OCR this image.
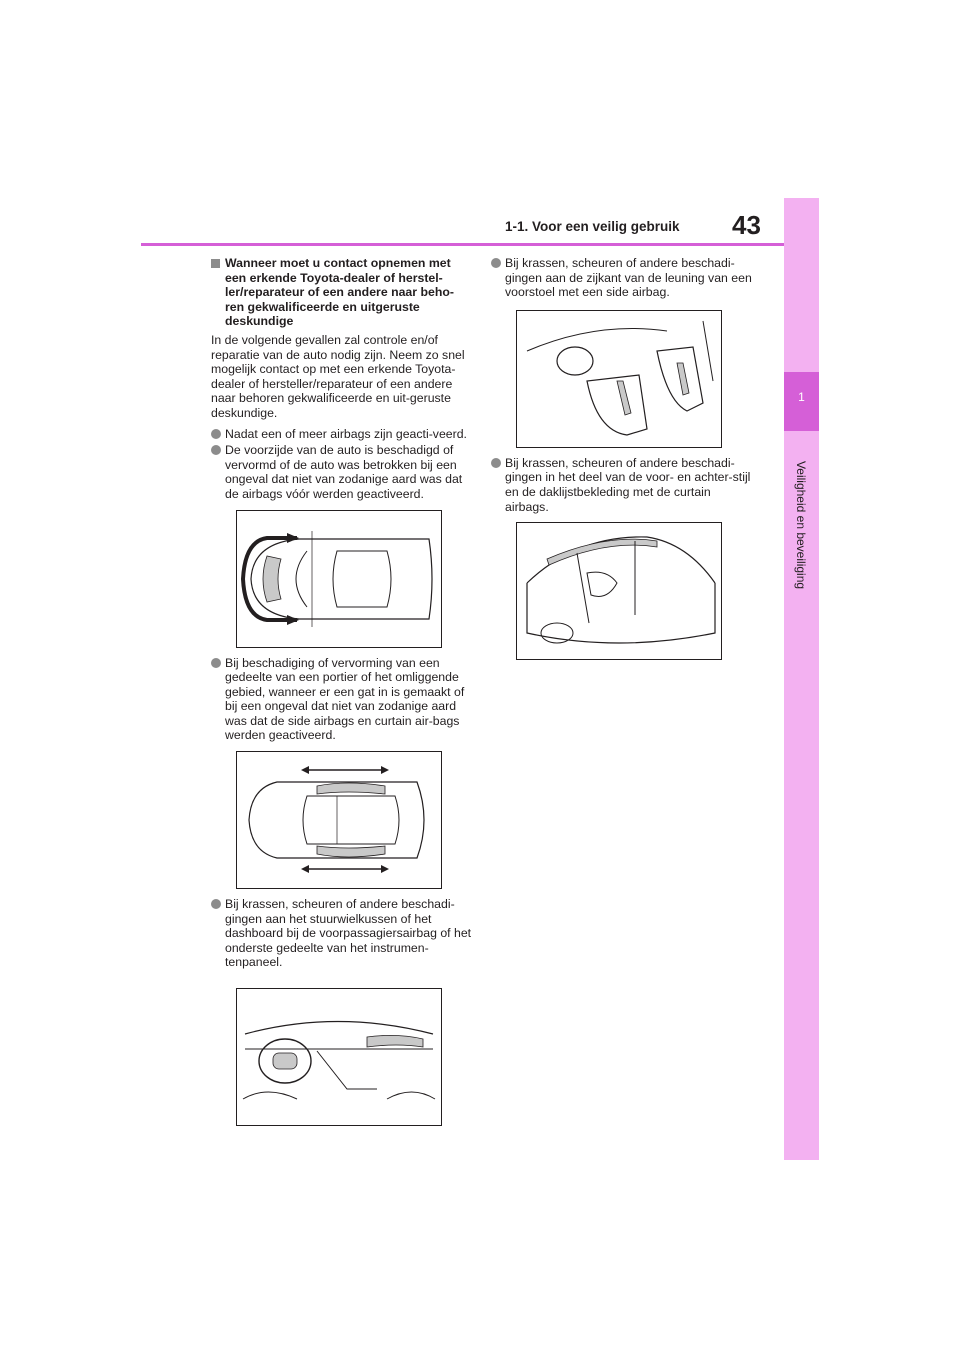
1-1. Voor een veilig gebruik 43
1
Veiligheid en beveiliging
Wanneer moet u contact opnemen met een erkende Toyota-dealer of herstel-ler/reparateur of een andere naar beho-ren gekwalificeerde en uitgeruste deskundige

In de volgende gevallen zal controle en/of reparatie van de auto nodig zijn. Neem zo snel mogelijk contact op met een erkende Toyota-dealer of hersteller/reparateur of een andere naar behoren gekwalificeerde en uit-geruste deskundige.

Nadat een of meer airbags zijn geacti-veerd.
De voorzijde van de auto is beschadigd of vervormd of de auto was betrokken bij een ongeval dat niet van zodanige aard was dat de airbags vóór werden geactiveerd.
Bij beschadiging of vervorming van een gedeelte van een portier of het omliggende gebied, wanneer er een gat in is gemaakt of bij een ongeval dat niet van zodanige aard was dat de side airbags en curtain air-bags werden geactiveerd.
Bij krassen, scheuren of andere beschadi-gingen aan het stuurwielkussen of het dashboard bij de voorpassagiersairbag of het onderste gedeelte van het instrumen-tenpaneel.
Bij krassen, scheuren of andere beschadi-gingen aan de zijkant van de leuning van een voorstoel met een side airbag.
Bij krassen, scheuren of andere beschadi-gingen in het deel van de voor- en achter-stijl en de daklijstbekleding met de curtain airbags.
